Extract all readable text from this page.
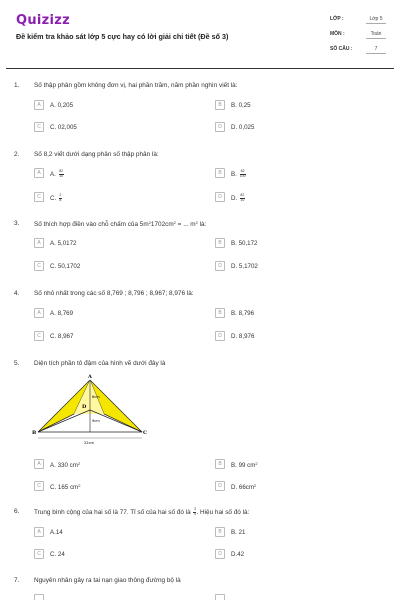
Quizizz
Đề kiểm tra khảo sát lớp 5 cực hay có lời giải chi tiết (Đề số 3)
LỚP :	Lớp 5
MÔN :	Toán
SỐ CÂU :	7
1. Số thập phân gồm không đơn vị, hai phần trăm, năm phần nghìn viết là:
A	A. 0,205	B	B. 0,25
C	C. 02,005	D	D. 0,025
2. Số 8,2 viết dưới dạng phân số thập phân là:
A	A. $\frac{82}{10}$	B	B. $\frac{82}{100}$
C	C. $\frac{2}{8}$	D	D. $\frac{82}{10}$
3. Số thích hợp điền vào chỗ chấm của $5m^21702cm^2$ = ... $m^2$ là:
A	A. 5,0172	B	B. 50,172
C	C. 50,1702	D	D. 5,1702
4. Số nhỏ nhất trong các số 8,769 ; 8,796 ; 8,967; 8,976 là:
A	A. 8,769	B	B. 8,796
C	C. 8,967	D	D. 8,976
5. Diện tích phần tô đậm của hình vẽ dưới đây là
A
B	C
D
6cm
9cm
22cm
A	A. 330 $cm^2$	B	B. 99 $cm^2$
C	C. 165 $cm^2$	D	D. $66cm^2$
6. Trung bình cộng của hai số là 77. Tỉ số của hai số đó là $\frac{3}{4}$ . Hiệu hai số đó là:
A	A.14	B	B. 21
C	C. 24	D	D.42
7. Nguyên nhân gây ra tai nạn giao thông đường bộ là
